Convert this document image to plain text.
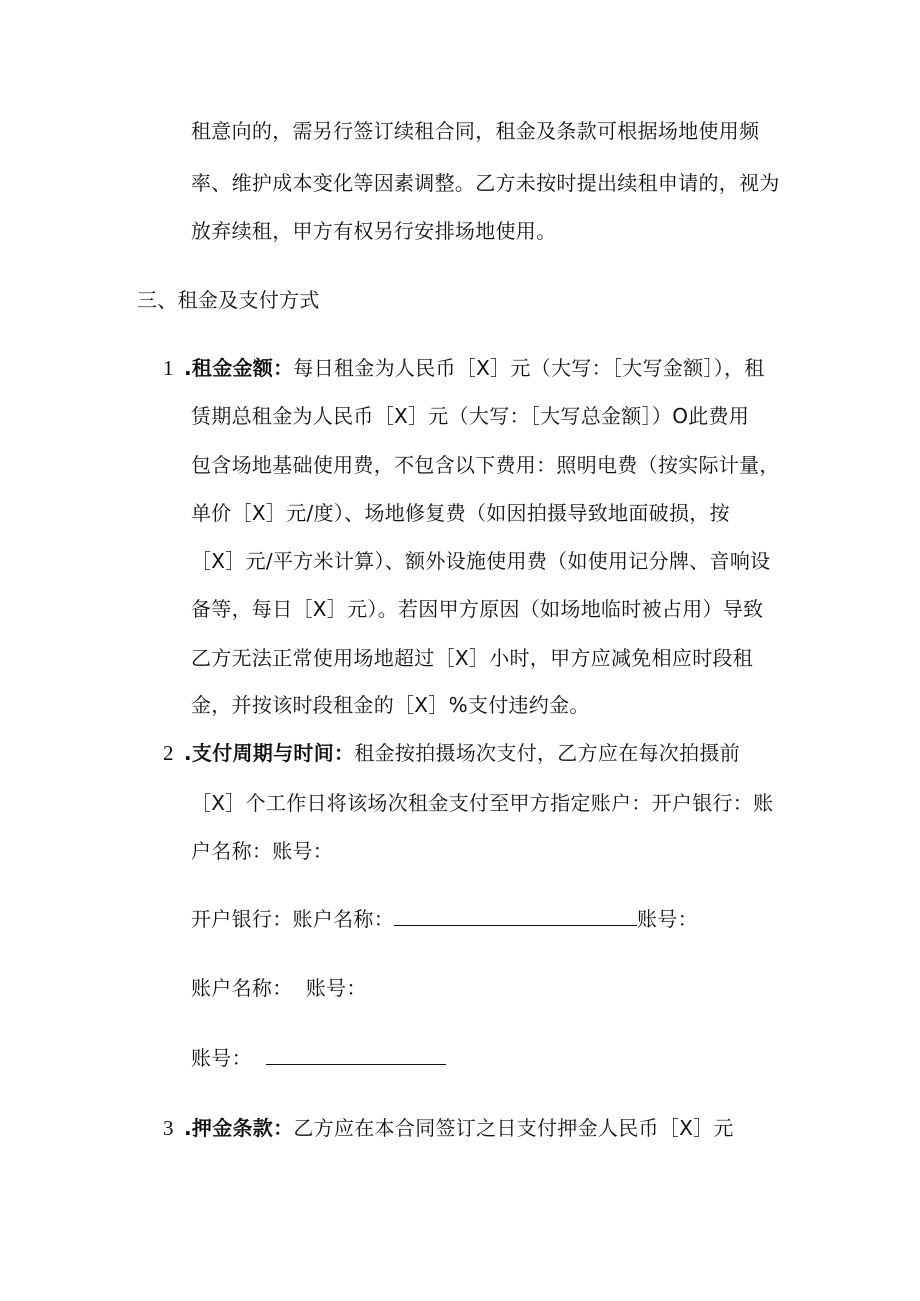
租意向的，需另行签订续租合同，租金及条款可根据场地使用频
率、维护成本变化等因素调整。乙方未按时提出续租申请的，视为
放弃续租，甲方有权另行安排场地使用。
三、租金及支付方式
1 .租金金额：每日租金为人民币［X］元（大写：［大写金额］），租
赁期总租金为人民币［X］元（大写：［大写总金额］）O此费用
包含场地基础使用费，不包含以下费用：照明电费（按实际计量，
单价［X］元/度）、场地修复费（如因拍摄导致地面破损，按
［X］元/平方米计算）、额外设施使用费（如使用记分牌、音响设
备等，每日［X］元）。若因甲方原因（如场地临时被占用）导致
乙方无法正常使用场地超过［X］小时，甲方应减免相应时段租
金，并按该时段租金的［X］%支付违约金。
2 .支付周期与时间：租金按拍摄场次支付，乙方应在每次拍摄前
［X］个工作日将该场次租金支付至甲方指定账户：开户银行：账
户名称：账号：
开户银行：账户名称：	账号：
账户名称：  账号：
账号：
3 .押金条款：乙方应在本合同签订之日支付押金人民币［X］元
